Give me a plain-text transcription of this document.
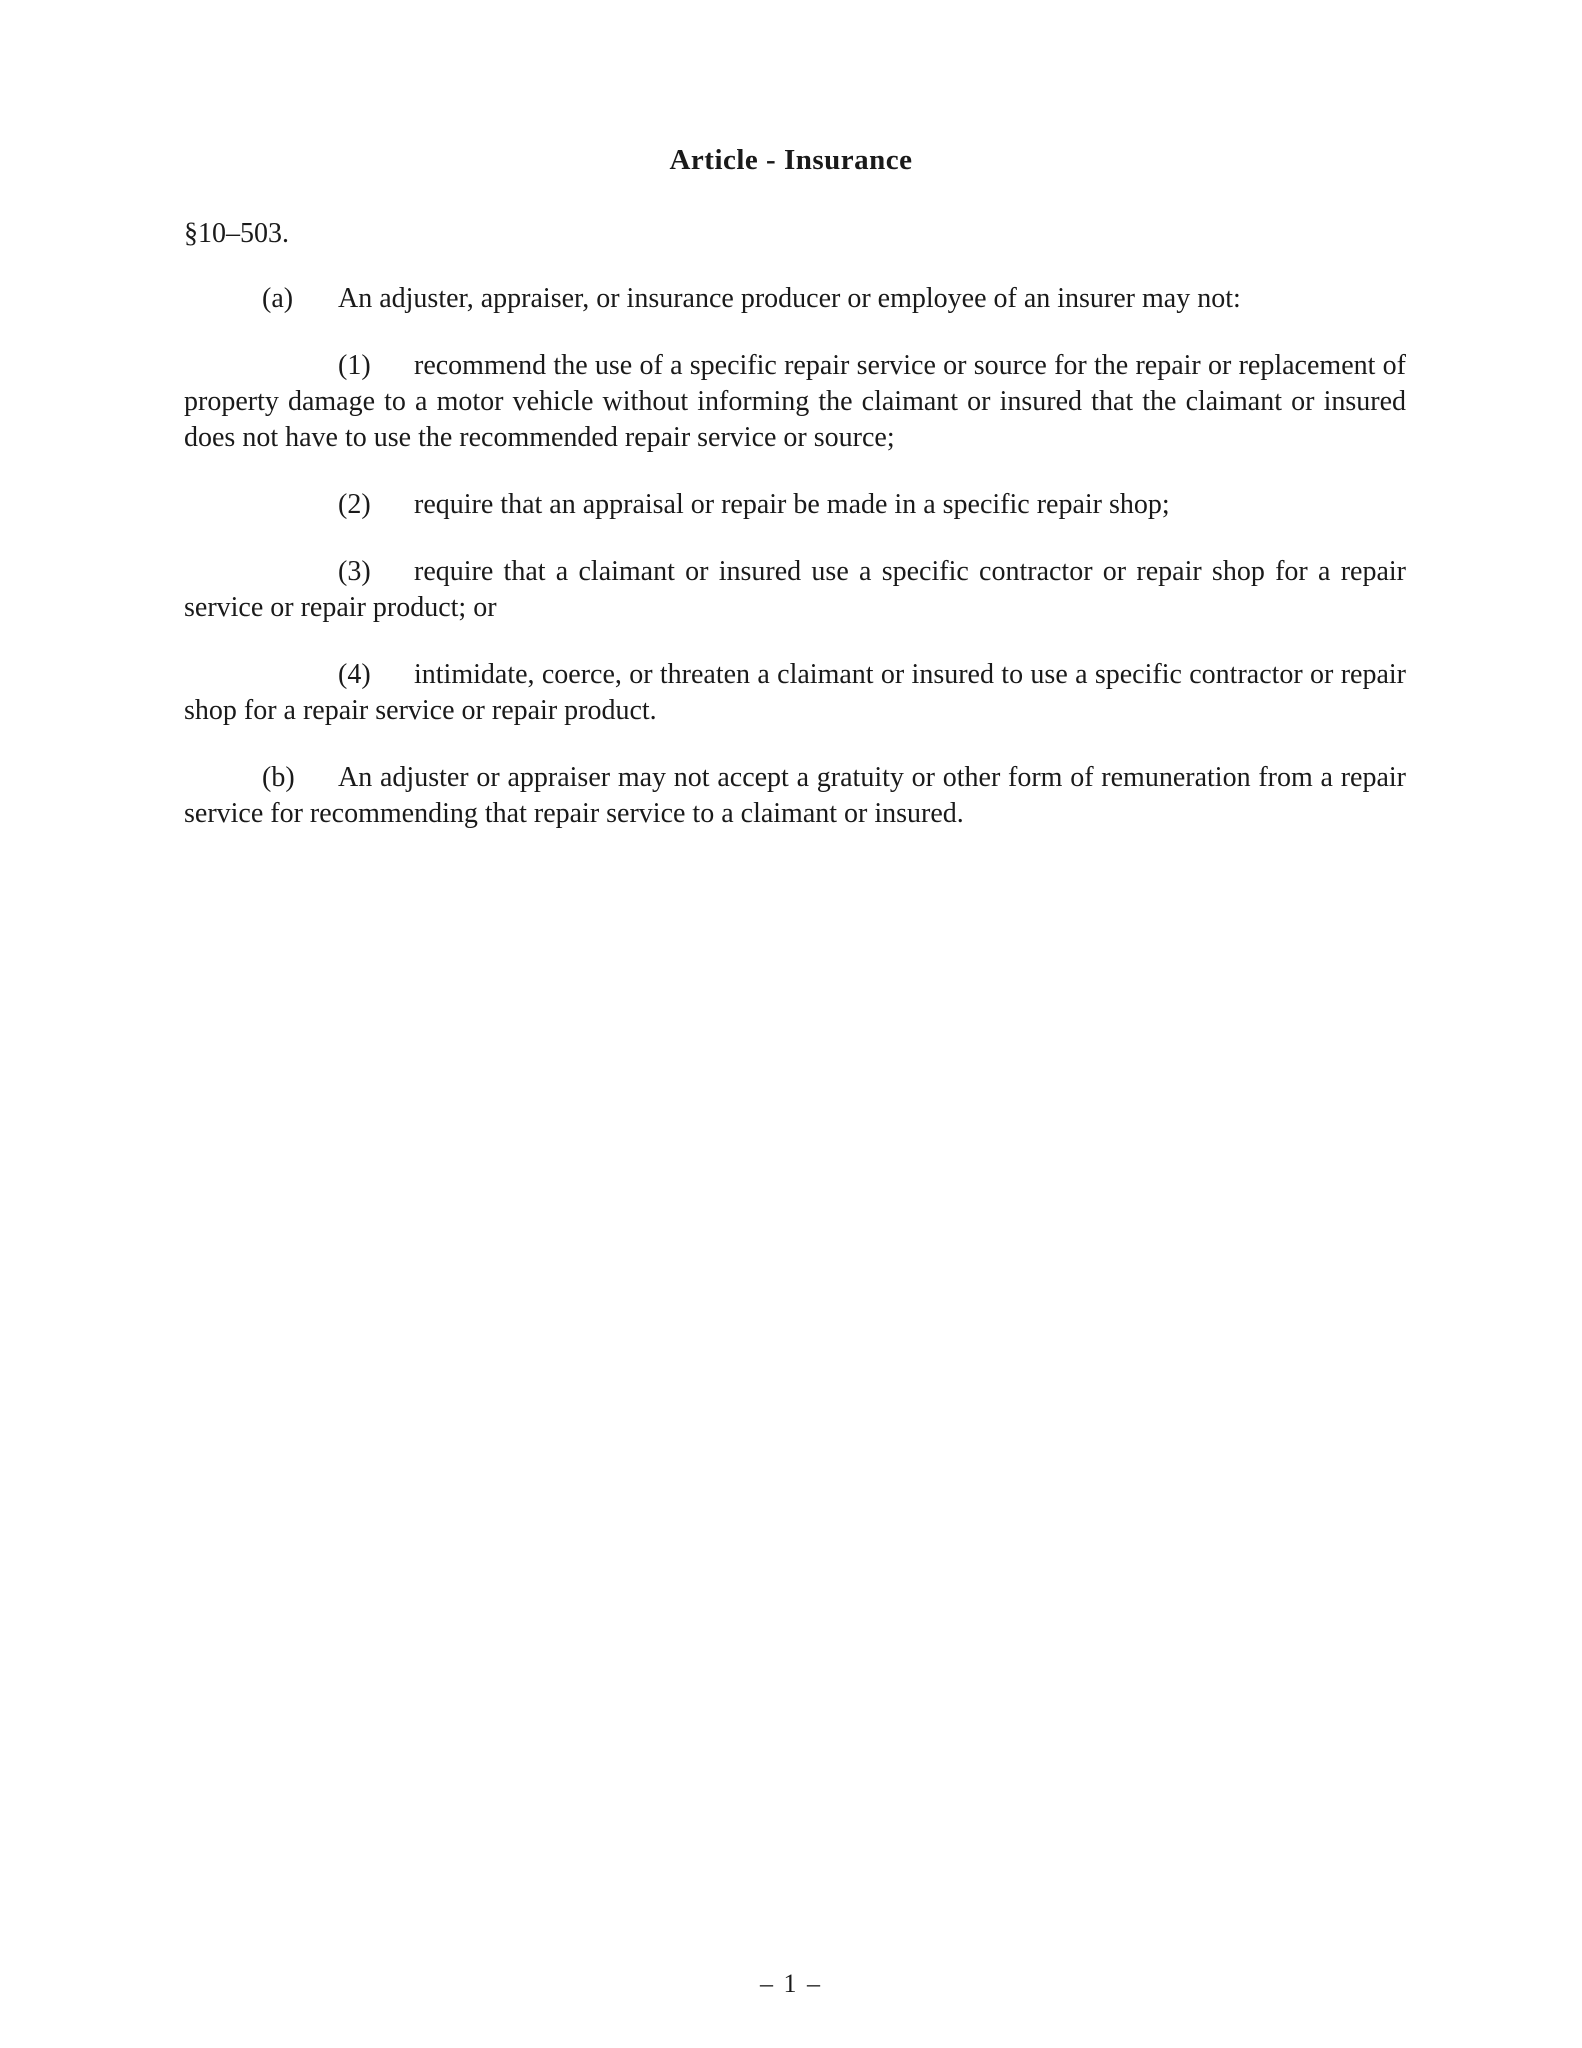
Article - Insurance
§10–503.
(a) An adjuster, appraiser, or insurance producer or employee of an insurer may not:
(1) recommend the use of a specific repair service or source for the repair or replacement of property damage to a motor vehicle without informing the claimant or insured that the claimant or insured does not have to use the recommended repair service or source;
(2) require that an appraisal or repair be made in a specific repair shop;
(3) require that a claimant or insured use a specific contractor or repair shop for a repair service or repair product; or
(4) intimidate, coerce, or threaten a claimant or insured to use a specific contractor or repair shop for a repair service or repair product.
(b) An adjuster or appraiser may not accept a gratuity or other form of remuneration from a repair service for recommending that repair service to a claimant or insured.
– 1 –
